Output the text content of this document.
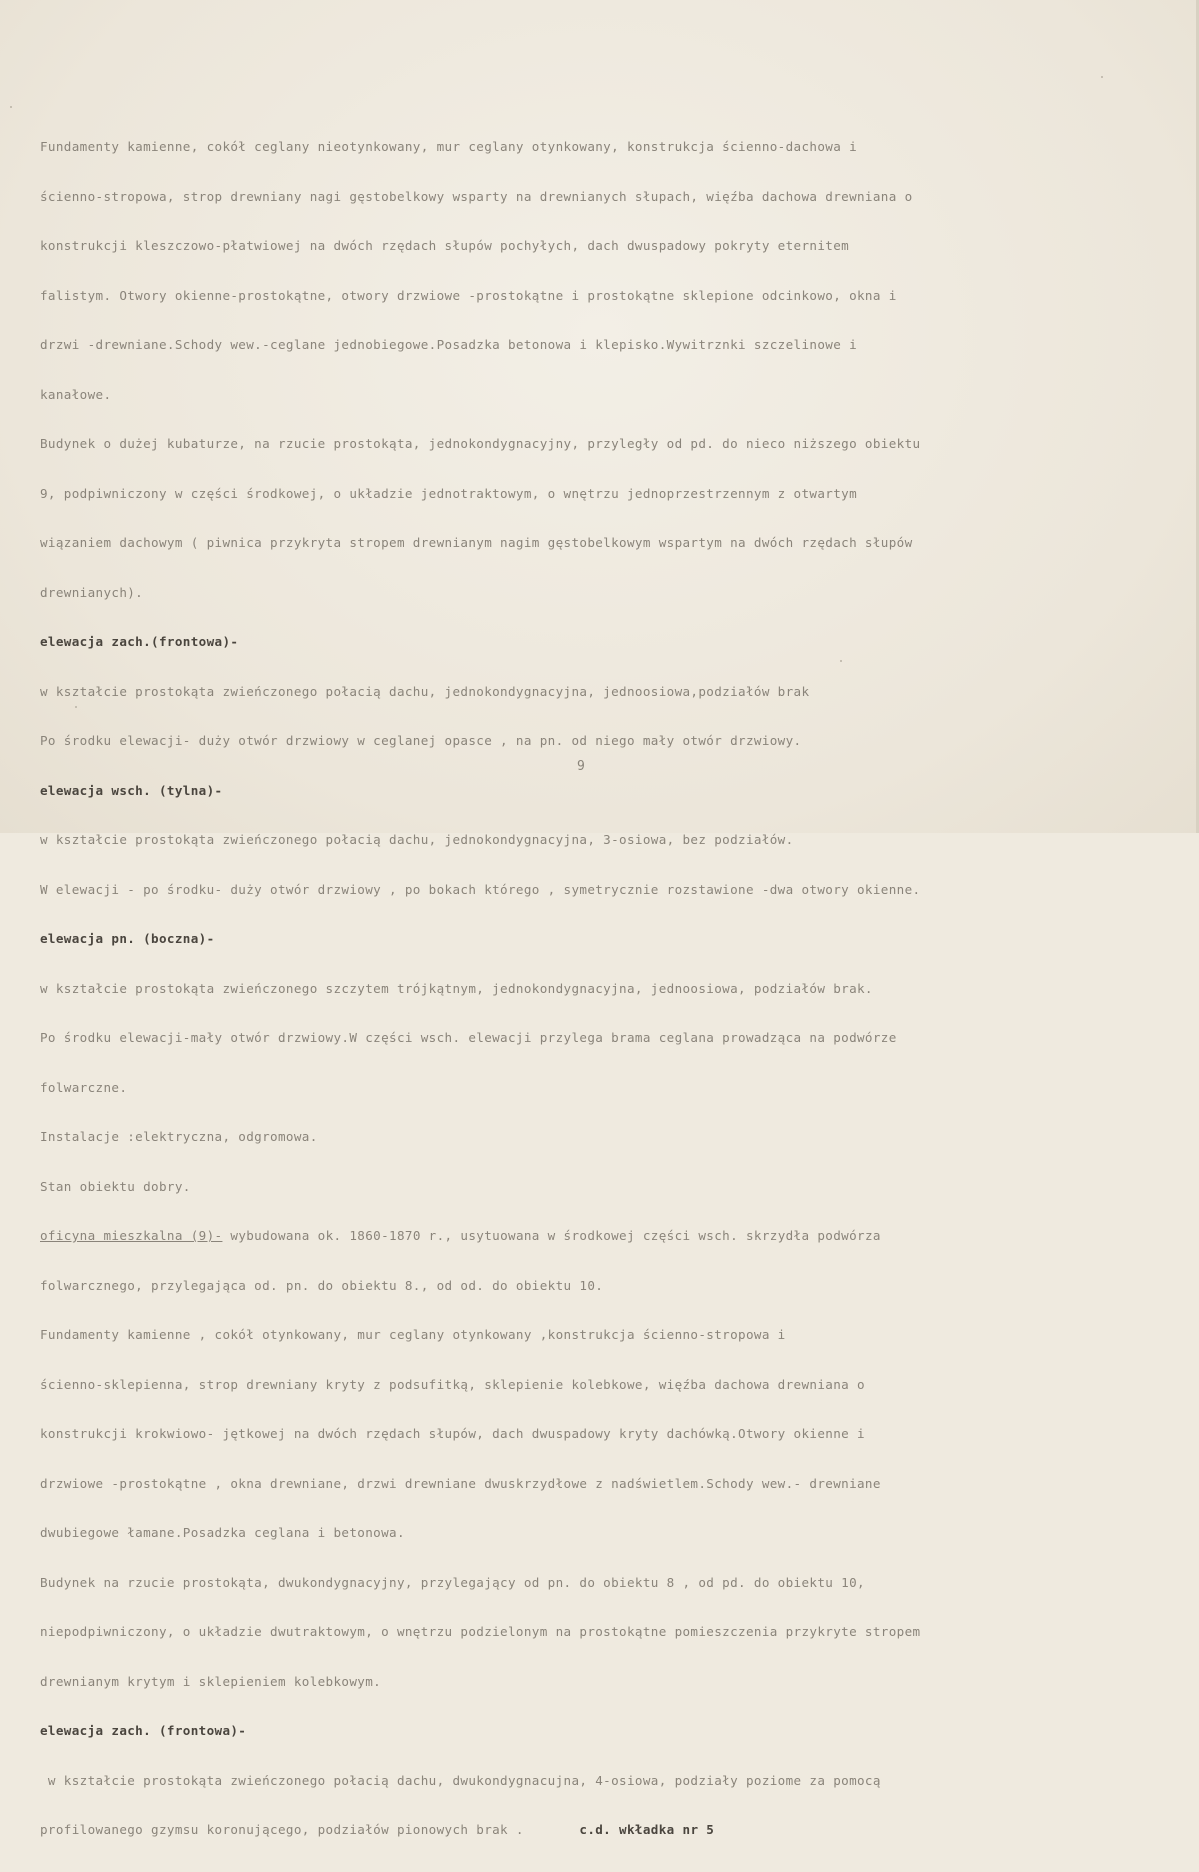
Fundamenty kamienne, cokół ceglany nieotynkowany, mur ceglany otynkowany, konstrukcja ścienno-dachowa i

ścienno-stropowa, strop drewniany nagi gęstobelkowy wsparty na drewnianych słupach, więźba dachowa drewniana o

konstrukcji kleszczowo-płatwiowej na dwóch rzędach słupów pochyłych, dach dwuspadowy pokryty eternitem

falistym. Otwory okienne-prostokątne, otwory drzwiowe -prostokątne i prostokątne sklepione odcinkowo, okna i

drzwi -drewniane.Schody wew.-ceglane jednobiegowe.Posadzka betonowa i klepisko.Wywitrznki szczelinowe i

kanałowe.

Budynek o dużej kubaturze, na rzucie prostokąta, jednokondygnacyjny, przyległy od pd. do nieco niższego obiektu

9, podpiwniczony w części środkowej, o układzie jednotraktowym, o wnętrzu jednoprzestrzennym z otwartym

wiązaniem dachowym ( piwnica przykryta stropem drewnianym nagim gęstobelkowym wspartym na dwóch rzędach słupów

drewnianych).

elewacja zach.(frontowa)-

w kształcie prostokąta zwieńczonego połacią dachu, jednokondygnacyjna, jednoosiowa,podziałów brak

Po środku elewacji- duży otwór drzwiowy w ceglanej opasce , na pn. od niego mały otwór drzwiowy.

elewacja wsch. (tylna)-

w kształcie prostokąta zwieńczonego połacią dachu, jednokondygnacyjna, 3-osiowa, bez podziałów.

W elewacji - po środku- duży otwór drzwiowy , po bokach którego , symetrycznie rozstawione -dwa otwory okienne.

elewacja pn. (boczna)-

w kształcie prostokąta zwieńczonego szczytem trójkątnym, jednokondygnacyjna, jednoosiowa, podziałów brak.

Po środku elewacji-mały otwór drzwiowy.W części wsch. elewacji przylega brama ceglana prowadząca na podwórze

folwarczne.

Instalacje :elektryczna, odgromowa.

Stan obiektu dobry.

oficyna mieszkalna (9)- wybudowana ok. 1860-1870 r., usytuowana w środkowej części wsch. skrzydła podwórza

folwarcznego, przylegająca od. pn. do obiektu 8., od od. do obiektu 10.

Fundamenty kamienne , cokół otynkowany, mur ceglany otynkowany ,konstrukcja ścienno-stropowa i

ścienno-sklepienna, strop drewniany kryty z podsufitką, sklepienie kolebkowe, więźba dachowa drewniana o

konstrukcji krokwiowo- jętkowej na dwóch rzędach słupów, dach dwuspadowy kryty dachówką.Otwory okienne i

drzwiowe -prostokątne , okna drewniane, drzwi drewniane dwuskrzydłowe z nadświetlem.Schody wew.- drewniane

dwubiegowe łamane.Posadzka ceglana i betonowa.

Budynek na rzucie prostokąta, dwukondygnacyjny, przylegający od pn. do obiektu 8 , od pd. do obiektu 10,

niepodpiwniczony, o układzie dwutraktowym, o wnętrzu podzielonym na prostokątne pomieszczenia przykryte stropem

drewnianym krytym i sklepieniem kolebkowym.

elewacja zach. (frontowa)-

w kształcie prostokąta zwieńczonego połacią dachu, dwukondygnacujna, 4-osiowa, podziały poziome za pomocą

profilowanego gzymsu koronującego, podziałów pionowych brak .	c.d. wkładka nr 5

9
